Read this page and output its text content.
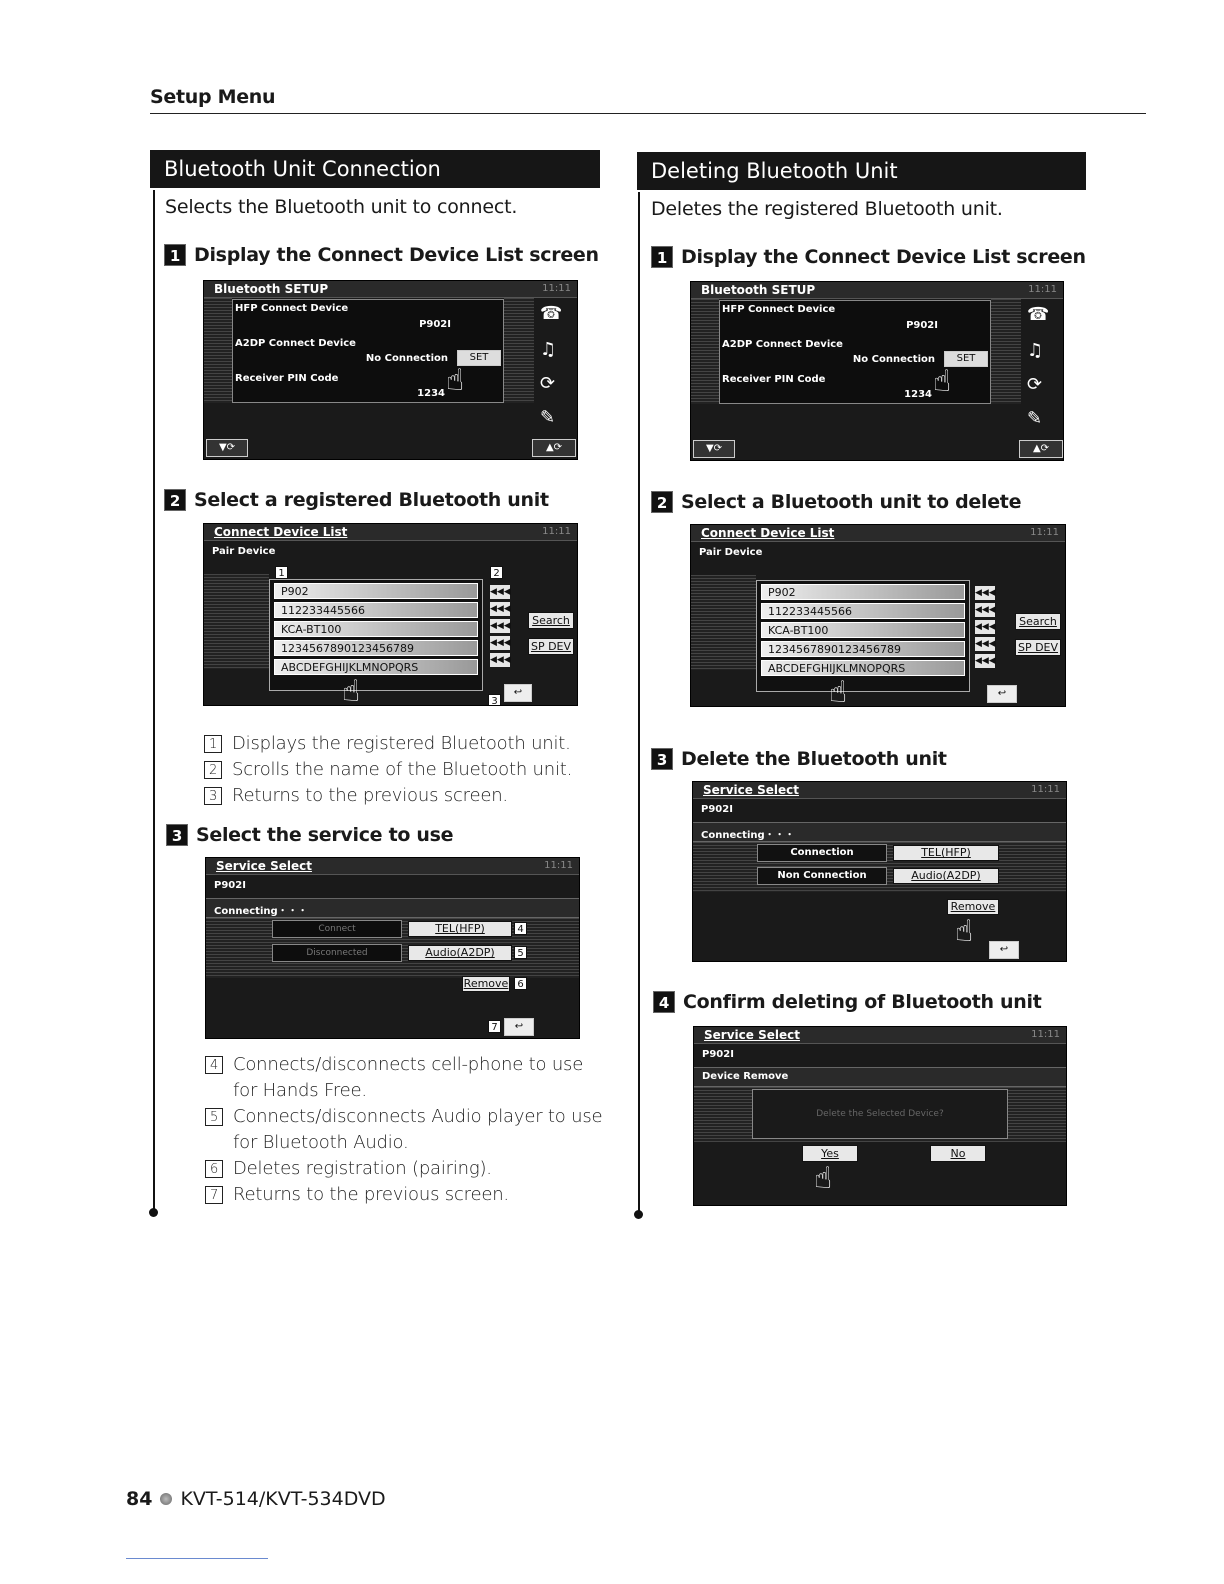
Setup Menu
Bluetooth Unit Connection
Selects the Bluetooth unit to connect.
1 Display the Connect Device List screen
Bluetooth SETUP	11:11
HFP Connect Device
P902I
A2DP Connect Device
No Connection	SET
Receiver PIN Code
1234 ☝
☎
♫
⟳
✎
▼⟳	▲⟳
2 Select a registered Bluetooth unit
Connect Device List	11:11
Pair Device
P902
112233445566
KCA-BT100
1234567890123456789
ABCDEFGHIJKLMNOPQRS
◀◀◀
◀◀◀
◀◀◀
◀◀◀
◀◀◀
Search
SP DEV
↩
1	2
3
☝
1 Displays the registered Bluetooth unit.
2 Scrolls the name of the Bluetooth unit.
3 Returns to the previous screen.
3 Select the service to use
Service Select	11:11
P902I
Connecting・・・
Connect
Disconnected
TEL(HFP)
Audio(A2DP)
4
5
Remove 6
7	↩
4 Connects/disconnects cell-phone to use for Hands Free.
5 Connects/disconnects Audio player to use for Bluetooth Audio.
6 Deletes registration (pairing).
7 Returns to the previous screen.
Deleting Bluetooth Unit
Deletes the registered Bluetooth unit.
1 Display the Connect Device List screen
Bluetooth SETUP	11:11
HFP Connect Device
P902I
A2DP Connect Device
No Connection	SET
Receiver PIN Code
1234 ☝
☎
♫
⟳
✎
▼⟳	▲⟳
2 Select a Bluetooth unit to delete
Connect Device List	11:11
Pair Device
P902
112233445566
KCA-BT100
1234567890123456789
ABCDEFGHIJKLMNOPQRS
◀◀◀
◀◀◀
◀◀◀
◀◀◀
◀◀◀
Search
SP DEV
↩
☝
3 Delete the Bluetooth unit
Service Select	11:11
P902I
Connecting・・・
Connection
Non Connection
TEL(HFP)
Audio(A2DP)
Remove
☝
↩
4 Confirm deleting of Bluetooth unit
Service Select	11:11
P902I
Device Remove
Delete the Selected Device?
Yes	No
☝
84 KVT-514/KVT-534DVD
